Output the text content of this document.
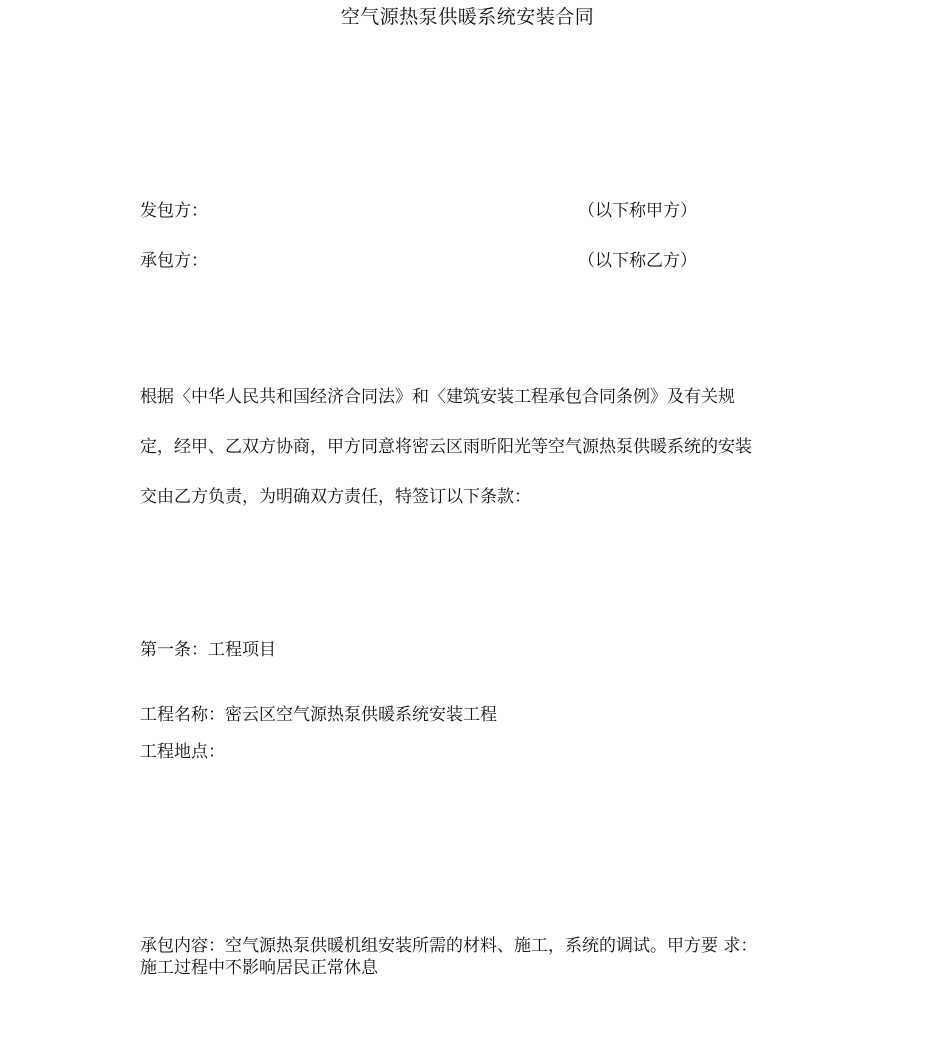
空气源热泵供暖系统安装合同
发包方：	（以下称甲方）
承包方：	（以下称乙方）

根据〈中华人民共和国经济合同法》和〈建筑安装工程承包合同条例》及有关规

定，经甲、乙双方协商，甲方同意将密云区雨昕阳光等空气源热泵供暖系统的安装

交由乙方负责，为明确双方责任，特签订以下条款：

第一条：工程项目
工程名称：密云区空气源热泵供暖系统安装工程
工程地点：

承包内容：空气源热泵供暖机组安装所需的材料、施工，系统的调试。甲方要 求：

施工过程中不影响居民正常休息
